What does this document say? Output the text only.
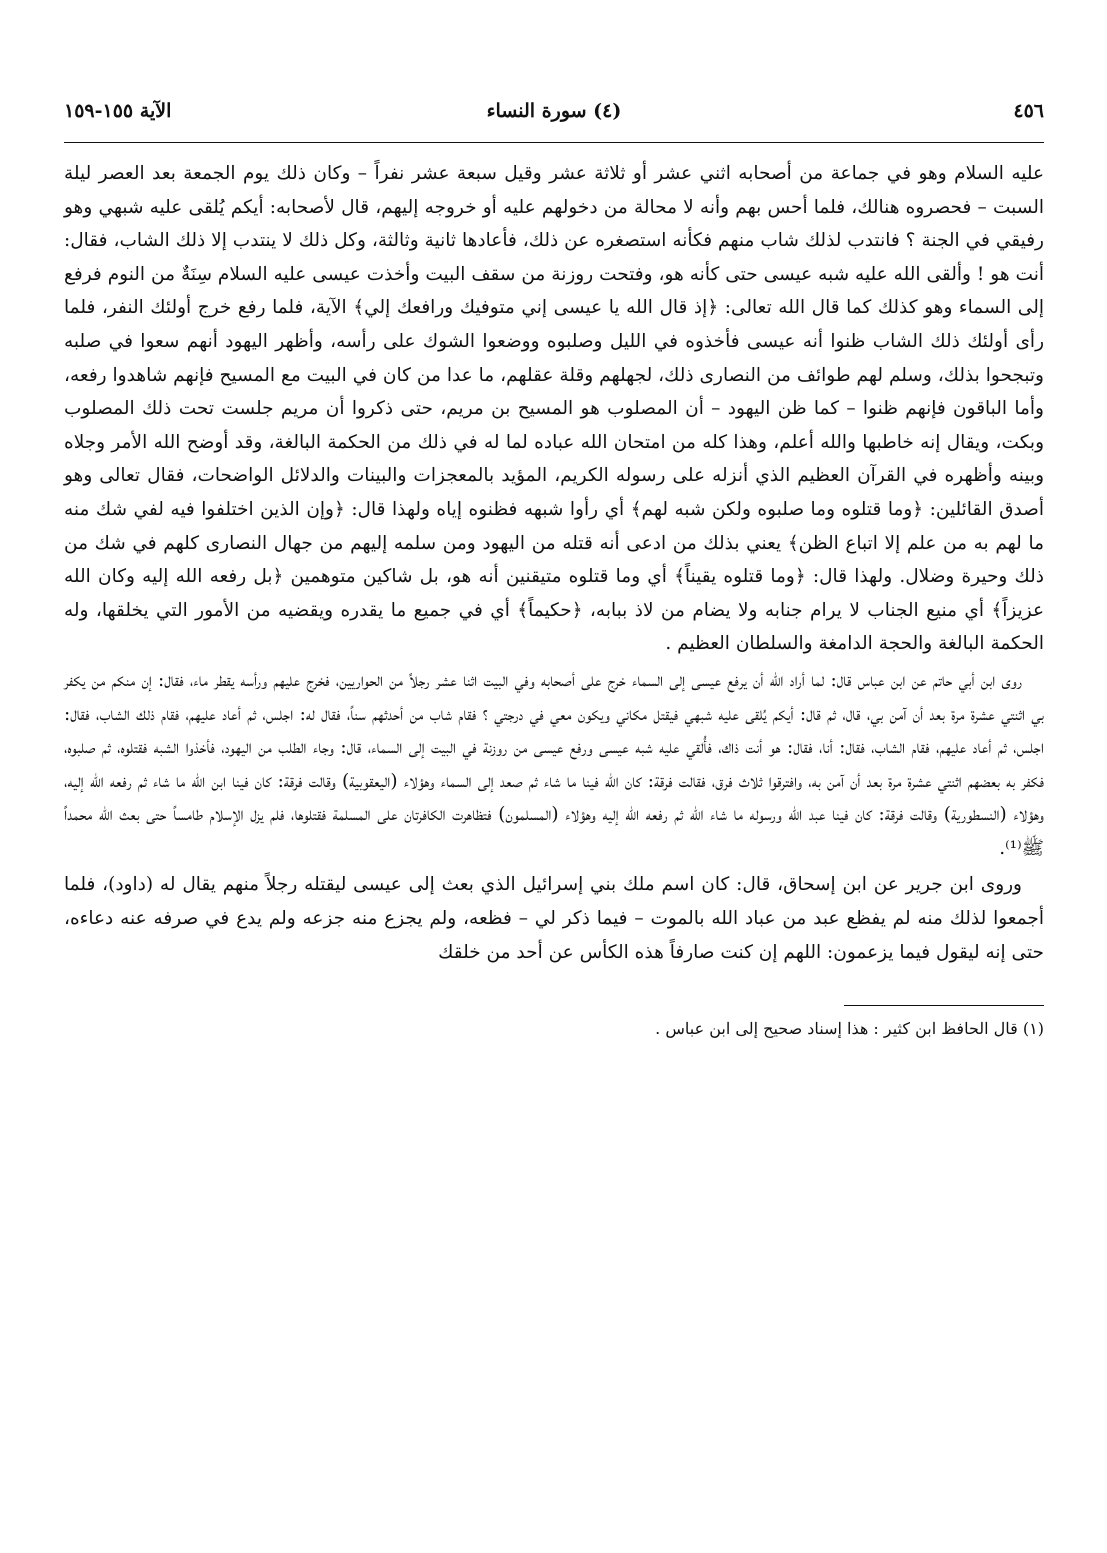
٤٥٦
(٤) سورة النساء
الآية ١٥٥-١٥٩

عليه السلام وهو في جماعة من أصحابه اثني عشر أو ثلاثة عشر وقيل سبعة عشر نفراً – وكان ذلك يوم الجمعة بعد العصر ليلة السبت – فحصروه هنالك، فلما أحس بهم وأنه لا محالة من دخولهم عليه أو خروجه إليهم، قال لأصحابه: أيكم يُلقى عليه شبهي وهو رفيقي في الجنة ؟ فانتدب لذلك شاب منهم فكأنه استصغره عن ذلك، فأعادها ثانية وثالثة، وكل ذلك لا ينتدب إلا ذلك الشاب، فقال: أنت هو ! وألقى الله عليه شبه عيسى حتى كأنه هو، وفتحت روزنة من سقف البيت وأخذت عيسى عليه السلام سِنَةٌ من النوم فرفع إلى السماء وهو كذلك كما قال الله تعالى: ﴿إذ قال الله يا عيسى إني متوفيك ورافعك إلي﴾ الآية، فلما رفع خرج أولئك النفر، فلما رأى أولئك ذلك الشاب ظنوا أنه عيسى فأخذوه في الليل وصلبوه ووضعوا الشوك على رأسه، وأظهر اليهود أنهم سعوا في صلبه وتبجحوا بذلك، وسلم لهم طوائف من النصارى ذلك، لجهلهم وقلة عقلهم، ما عدا من كان في البيت مع المسيح فإنهم شاهدوا رفعه، وأما الباقون فإنهم ظنوا – كما ظن اليهود – أن المصلوب هو المسيح بن مريم، حتى ذكروا أن مريم جلست تحت ذلك المصلوب وبكت، ويقال إنه خاطبها والله أعلم، وهذا كله من امتحان الله عباده لما له في ذلك من الحكمة البالغة، وقد أوضح الله الأمر وجلاه وبينه وأظهره في القرآن العظيم الذي أنزله على رسوله الكريم، المؤيد بالمعجزات والبينات والدلائل الواضحات، فقال تعالى وهو أصدق القائلين: ﴿وما قتلوه وما صلبوه ولكن شبه لهم﴾ أي رأوا شبهه فظنوه إياه ولهذا قال: ﴿وإن الذين اختلفوا فيه لفي شك منه ما لهم به من علم إلا اتباع الظن﴾ يعني بذلك من ادعى أنه قتله من اليهود ومن سلمه إليهم من جهال النصارى كلهم في شك من ذلك وحيرة وضلال. ولهذا قال: ﴿وما قتلوه يقيناً﴾ أي وما قتلوه متيقنين أنه هو، بل شاكين متوهمين ﴿بل رفعه الله إليه وكان الله عزيزاً﴾ أي منيع الجناب لا يرام جنابه ولا يضام من لاذ ببابه، ﴿حكيماً﴾ أي في جميع ما يقدره ويقضيه من الأمور التي يخلقها، وله الحكمة البالغة والحجة الدامغة والسلطان العظيم .

روى ابن أبي حاتم عن ابن عباس قال: لما أراد الله أن يرفع عيسى إلى السماء خرج على أصحابه وفي البيت اثنا عشر رجلاً من الحواريين، فخرج عليهم ورأسه يقطر ماء، فقال: إن منكم من يكفر بي اثنتي عشرة مرة بعد أن آمن بي، قال، ثم قال: أيكم يُلقى عليه شبهي فيقتل مكاني ويكون معي في درجتي ؟ فقام شاب من أحدثهم سناً، فقال له: اجلس، ثم أعاد عليهم، فقام ذلك الشاب، فقال: اجلس، ثم أعاد عليهم، فقام الشاب، فقال: أنا، فقال: هو أنت ذاك، فأُلقي عليه شبه عيسى ورفع عيسى من روزنة في البيت إلى السماء، قال: وجاء الطلب من اليهود، فأخذوا الشبه فقتلوه، ثم صلبوه، فكفر به بعضهم اثنتي عشرة مرة بعد أن آمن به، وافترقوا ثلاث فرق، فقالت فرقة: كان الله فينا ما شاء ثم صعد إلى السماء وهؤلاء (اليعقوبية) وقالت فرقة: كان فينا ابن الله ما شاء ثم رفعه الله إليه، وهؤلاء (النسطورية) وقالت فرقة: كان فينا عبد الله ورسوله ما شاء الله ثم رفعه الله إليه وهؤلاء (المسلمون) فتظاهرت الكافرتان على المسلمة فقتلوها، فلم يزل الإسلام طامساً حتى بعث الله محمداً ﷺ⁽¹⁾.

وروى ابن جرير عن ابن إسحاق، قال: كان اسم ملك بني إسرائيل الذي بعث إلى عيسى ليقتله رجلاً منهم يقال له (داود)، فلما أجمعوا لذلك منه لم يفظع عبد من عباد الله بالموت – فيما ذكر لي – فظعه، ولم يجزع منه جزعه ولم يدع في صرفه عنه دعاءه، حتى إنه ليقول فيما يزعمون: اللهم إن كنت صارفاً هذه الكأس عن أحد من خلقك

(١) قال الحافظ ابن كثير : هذا إسناد صحيح إلى ابن عباس .
